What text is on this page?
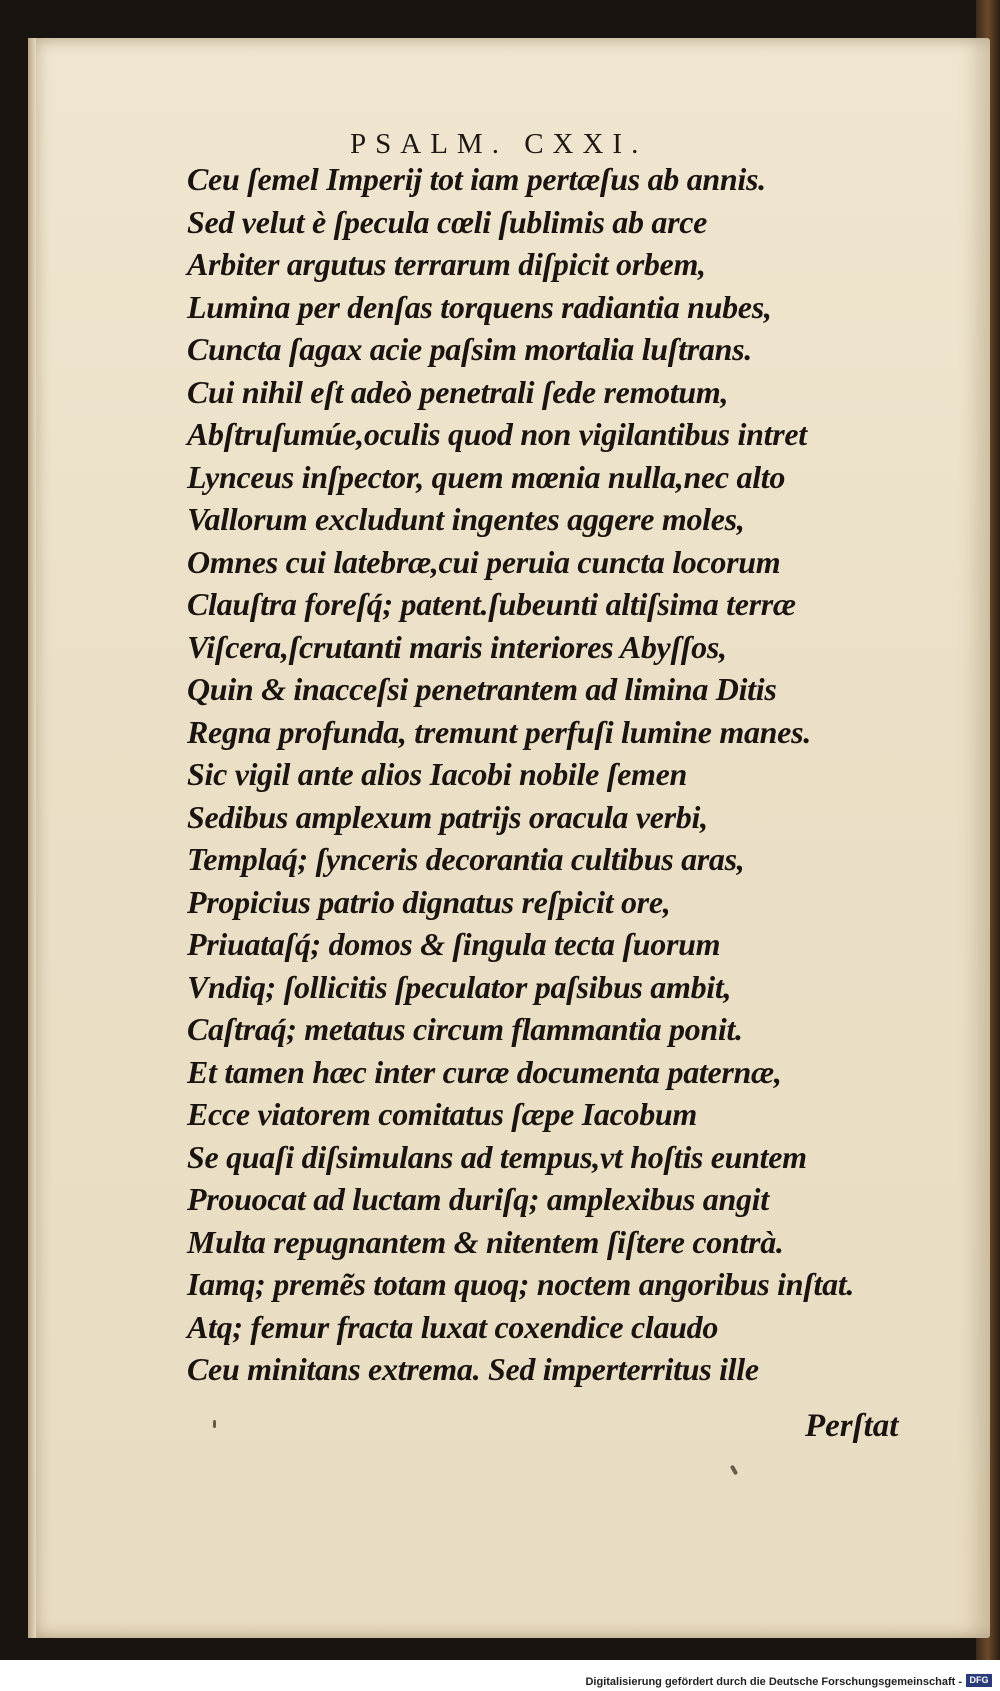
PSALM. CXXI.
Ceu ſemel Imperij tot iam pertæſus ab annis.
Sed velut è ſpecula cœli ſublimis ab arce
Arbiter argutus terrarum diſpicit orbem,
Lumina per denſas torquens radiantia nubes,
Cuncta ſagax acie paſsim mortalia luſtrans.
Cui nihil eſt adeò penetrali ſede remotum,
Abſtruſumúe,oculis quod non vigilantibus intret
Lynceus inſpector, quem mœnia nulla,nec alto
Vallorum excludunt ingentes aggere moles,
Omnes cui latebræ,cui peruia cuncta locorum
Clauſtra foreſq́; patent.ſubeunti altiſsima terræ
Viſcera,ſcrutanti maris interiores Abyſſos,
Quin & inacceſsi penetrantem ad limina Ditis
Regna profunda, tremunt perfuſi lumine manes.
Sic vigil ante alios Iacobi nobile ſemen
Sedibus amplexum patrijs oracula verbi,
Templaq́; ſynceris decorantia cultibus aras,
Propicius patrio dignatus reſpicit ore,
Priuataſq́; domos & ſingula tecta ſuorum
Vndiq; ſollicitis ſpeculator paſsibus ambit,
Caſtraq́; metatus circum flammantia ponit.
Et tamen hæc inter curæ documenta paternæ,
Ecce viatorem comitatus ſæpe Iacobum
Se quaſi diſsimulans ad tempus,vt hoſtis euntem
Prouocat ad luctam duriſq; amplexibus angit
Multa repugnantem & nitentem ſiſtere contrà.
Iamq; premẽs totam quoq; noctem angoribus inſtat.
Atq; femur fracta luxat coxendice claudo
Ceu minitans extrema. Sed imperterritus ille
Perſtat
Digitalisierung gefördert durch die Deutsche Forschungsgemeinschaft - DFG
